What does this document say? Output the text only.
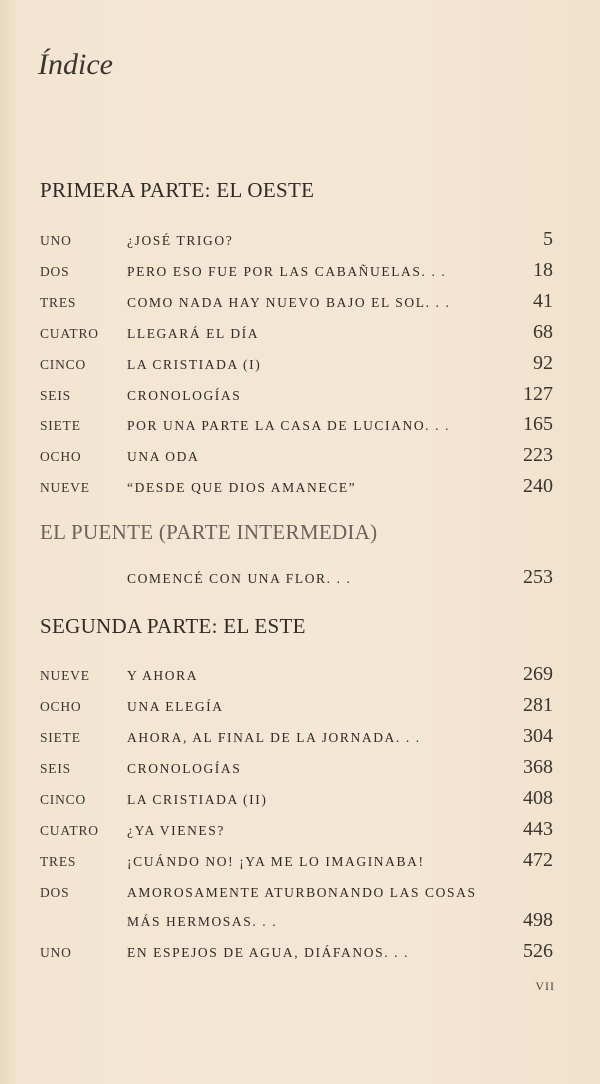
Índice
PRIMERA PARTE: EL OESTE
UNO	¿JOSÉ TRIGO?	5
DOS	PERO ESO FUE POR LAS CABAÑUELAS. . .	18
TRES	COMO NADA HAY NUEVO BAJO EL SOL. . .	41
CUATRO LLEGARÁ EL DÍA	68
CINCO	LA CRISTIADA (I)	92
SEIS	CRONOLOGÍAS	127
SIETE	POR UNA PARTE LA CASA DE LUCIANO. . .	165
OCHO	UNA ODA	223
NUEVE	“DESDE QUE DIOS AMANECE”	240
EL PUENTE (PARTE INTERMEDIA)
COMENCÉ CON UNA FLOR. . .	253
SEGUNDA PARTE: EL ESTE
NUEVE	Y AHORA	269
OCHO	UNA ELEGÍA	281
SIETE	AHORA, AL FINAL DE LA JORNADA. . .	304
SEIS	CRONOLOGÍAS	368
CINCO	LA CRISTIADA (II)	408
CUATRO ¿YA VIENES?	443
TRES	¡CUÁNDO NO! ¡YA ME LO IMAGINABA!	472
DOS	AMOROSAMENTE ATURBONANDO LAS COSAS
MÁS HERMOSAS. . .	498
UNO	EN ESPEJOS DE AGUA, DIÁFANOS. . .	526
VII
